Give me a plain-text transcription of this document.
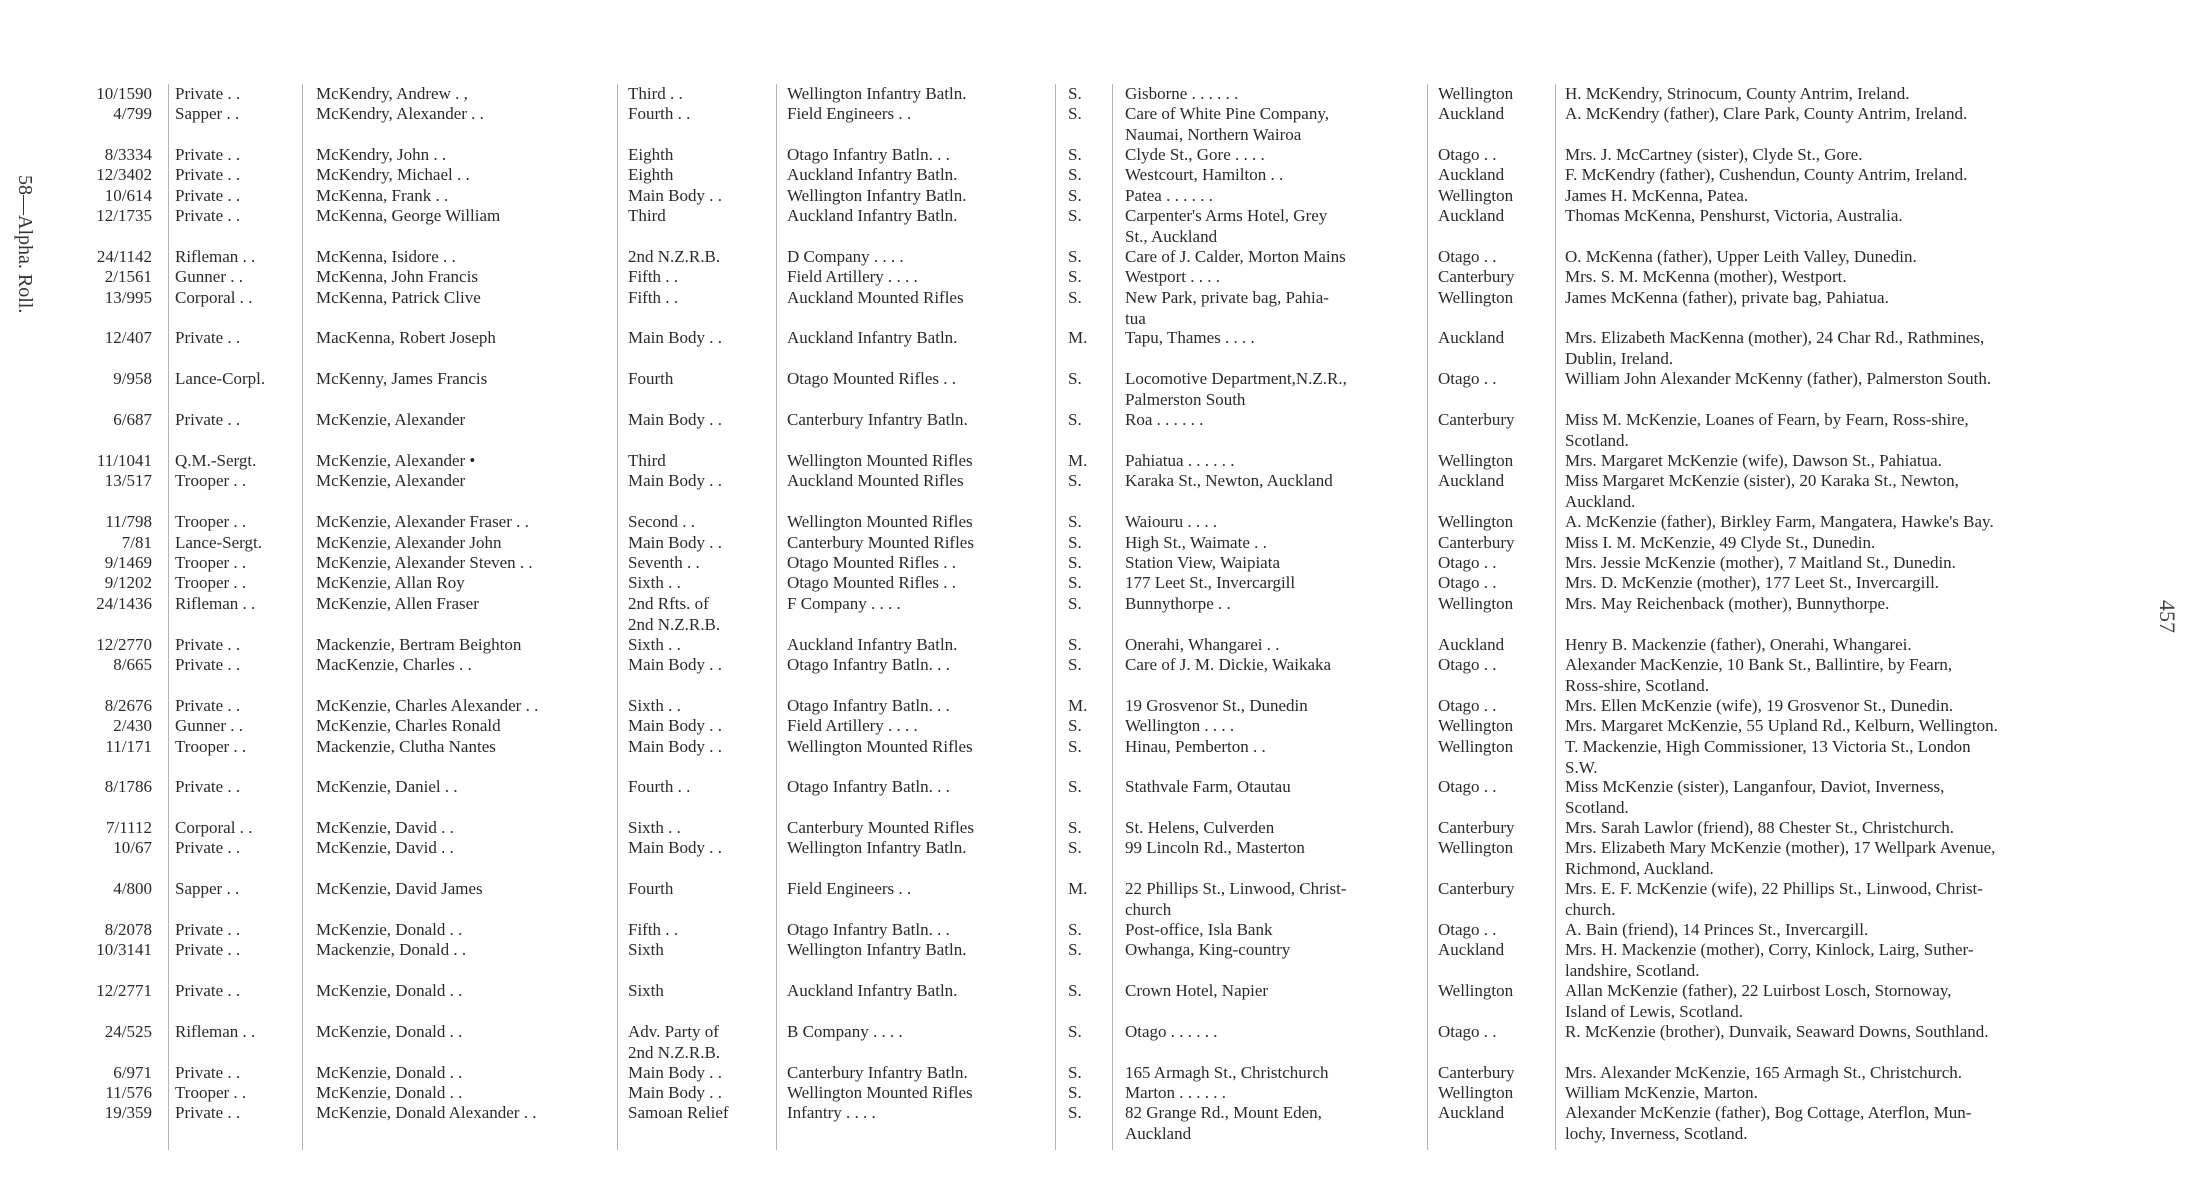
58—Alpha. Roll.
457
10/1590 Private . .	McKendry, Andrew . ,	Third . .	Wellington Infantry Batln.	S.	Gisborne . . . . . .	Wellington	H. McKendry, Strinocum, County Antrim, Ireland.
4/799 Sapper . .	McKendry, Alexander . .	Fourth . .	Field Engineers . .	S.	Care of White Pine Company,	Auckland	A. McKendry (father), Clare Park, County Antrim, Ireland.
Naumai, Northern Wairoa
8/3334 Private . .	McKendry, John . .	Eighth	Otago Infantry Batln. . .	S.	Clyde St., Gore . . . .	Otago . .	Mrs. J. McCartney (sister), Clyde St., Gore.
12/3402 Private . .	McKendry, Michael . .	Eighth	Auckland Infantry Batln.	S.	Westcourt, Hamilton . .	Auckland	F. McKendry (father), Cushendun, County Antrim, Ireland.
10/614 Private . .	McKenna, Frank . .	Main Body . .	Wellington Infantry Batln.	S.	Patea . . . . . .	Wellington	James H. McKenna, Patea.
12/1735 Private . .	McKenna, George William	Third	Auckland Infantry Batln.	S.	Carpenter's Arms Hotel, Grey	Auckland	Thomas McKenna, Penshurst, Victoria, Australia.
St., Auckland
24/1142 Rifleman . .	McKenna, Isidore . .	2nd N.Z.R.B.	D Company . . . .	S.	Care of J. Calder, Morton Mains	Otago . .	O. McKenna (father), Upper Leith Valley, Dunedin.
2/1561 Gunner . .	McKenna, John Francis	Fifth . .	Field Artillery . . . .	S.	Westport . . . .	Canterbury	Mrs. S. M. McKenna (mother), Westport.
13/995 Corporal . .	McKenna, Patrick Clive	Fifth . .	Auckland Mounted Rifles	S.	New Park, private bag, Pahia-	Wellington	James McKenna (father), private bag, Pahiatua.
tua
12/407 Private . .	MacKenna, Robert Joseph	Main Body . .	Auckland Infantry Batln.	M. Tapu, Thames . . . .	Auckland	Mrs. Elizabeth MacKenna (mother), 24 Char Rd., Rathmines,
Dublin, Ireland.
9/958 Lance-Corpl.	McKenny, James Francis	Fourth	Otago Mounted Rifles . .	S.	Locomotive Department,N.Z.R.,	Otago . .	William John Alexander McKenny (father), Palmerston South.
Palmerston South
6/687 Private . .	McKenzie, Alexander	Main Body . .	Canterbury Infantry Batln.	S.	Roa . . . . . .	Canterbury	Miss M. McKenzie, Loanes of Fearn, by Fearn, Ross-shire,
Scotland.
11/1041 Q.M.-Sergt.	McKenzie, Alexander •	Third	Wellington Mounted Rifles	M. Pahiatua . . . . . .	Wellington	Mrs. Margaret McKenzie (wife), Dawson St., Pahiatua.
13/517 Trooper . .	McKenzie, Alexander	Main Body . .	Auckland Mounted Rifles	S.	Karaka St., Newton, Auckland	Auckland	Miss Margaret McKenzie (sister), 20 Karaka St., Newton,
Auckland.
11/798 Trooper . .	McKenzie, Alexander Fraser . .	Second . .	Wellington Mounted Rifles	S.	Waiouru . . . .	Wellington	A. McKenzie (father), Birkley Farm, Mangatera, Hawke's Bay.
7/81 Lance-Sergt.	McKenzie, Alexander John	Main Body . .	Canterbury Mounted Rifles	S.	High St., Waimate . .	Canterbury	Miss I. M. McKenzie, 49 Clyde St., Dunedin.
9/1469 Trooper . .	McKenzie, Alexander Steven . .	Seventh . .	Otago Mounted Rifles . .	S.	Station View, Waipiata	Otago . .	Mrs. Jessie McKenzie (mother), 7 Maitland St., Dunedin.
9/1202 Trooper . .	McKenzie, Allan Roy	Sixth . .	Otago Mounted Rifles . .	S.	177 Leet St., Invercargill	Otago . .	Mrs. D. McKenzie (mother), 177 Leet St., Invercargill.
24/1436 Rifleman . .	McKenzie, Allen Fraser	2nd Rfts. of	F Company . . . .	S.	Bunnythorpe . .	Wellington	Mrs. May Reichenback (mother), Bunnythorpe.
2nd N.Z.R.B.
12/2770 Private . .	Mackenzie, Bertram Beighton	Sixth . .	Auckland Infantry Batln.	S.	Onerahi, Whangarei . .	Auckland	Henry B. Mackenzie (father), Onerahi, Whangarei.
8/665 Private . .	MacKenzie, Charles . .	Main Body . .	Otago Infantry Batln. . .	S.	Care of J. M. Dickie, Waikaka	Otago . .	Alexander MacKenzie, 10 Bank St., Ballintire, by Fearn,
Ross-shire, Scotland.
8/2676 Private . .	McKenzie, Charles Alexander . .	Sixth . .	Otago Infantry Batln. . .	M. 19 Grosvenor St., Dunedin	Otago . .	Mrs. Ellen McKenzie (wife), 19 Grosvenor St., Dunedin.
2/430 Gunner . .	McKenzie, Charles Ronald	Main Body . .	Field Artillery . . . .	S.	Wellington . . . .	Wellington	Mrs. Margaret McKenzie, 55 Upland Rd., Kelburn, Wellington.
11/171 Trooper . .	Mackenzie, Clutha Nantes	Main Body . .	Wellington Mounted Rifles	S.	Hinau, Pemberton . .	Wellington	T. Mackenzie, High Commissioner, 13 Victoria St., London
S.W.
8/1786 Private . .	McKenzie, Daniel . .	Fourth . .	Otago Infantry Batln. . .	S.	Stathvale Farm, Otautau	Otago . .	Miss McKenzie (sister), Langanfour, Daviot, Inverness,
Scotland.
7/1112 Corporal . .	McKenzie, David . .	Sixth . .	Canterbury Mounted Rifles	S.	St. Helens, Culverden	Canterbury	Mrs. Sarah Lawlor (friend), 88 Chester St., Christchurch.
10/67 Private . .	McKenzie, David . .	Main Body . .	Wellington Infantry Batln.	S.	99 Lincoln Rd., Masterton	Wellington	Mrs. Elizabeth Mary McKenzie (mother), 17 Wellpark Avenue,
Richmond, Auckland.
4/800 Sapper . .	McKenzie, David James	Fourth	Field Engineers . .	M. 22 Phillips St., Linwood, Christ-	Canterbury	Mrs. E. F. McKenzie (wife), 22 Phillips St., Linwood, Christ-
church	church.
8/2078 Private . .	McKenzie, Donald . .	Fifth . .	Otago Infantry Batln. . .	S.	Post-office, Isla Bank	Otago . .	A. Bain (friend), 14 Princes St., Invercargill.
10/3141 Private . .	Mackenzie, Donald . .	Sixth	Wellington Infantry Batln.	S.	Owhanga, King-country	Auckland	Mrs. H. Mackenzie (mother), Corry, Kinlock, Lairg, Suther-
landshire, Scotland.
12/2771 Private . .	McKenzie, Donald . .	Sixth	Auckland Infantry Batln.	S.	Crown Hotel, Napier	Wellington	Allan McKenzie (father), 22 Luirbost Losch, Stornoway,
Island of Lewis, Scotland.
24/525 Rifleman . .	McKenzie, Donald . .	Adv. Party of	B Company . . . .	S.	Otago . . . . . .	Otago . .	R. McKenzie (brother), Dunvaik, Seaward Downs, Southland.
2nd N.Z.R.B.
6/971 Private . .	McKenzie, Donald . .	Main Body . .	Canterbury Infantry Batln.	S.	165 Armagh St., Christchurch	Canterbury	Mrs. Alexander McKenzie, 165 Armagh St., Christchurch.
11/576 Trooper . .	McKenzie, Donald . .	Main Body . .	Wellington Mounted Rifles	S.	Marton . . . . . .	Wellington	William McKenzie, Marton.
19/359 Private . .	McKenzie, Donald Alexander . .	Samoan Relief	Infantry . . . .	S.	82 Grange Rd., Mount Eden,	Auckland	Alexander McKenzie (father), Bog Cottage, Aterflon, Mun-
Auckland	lochy, Inverness, Scotland.
